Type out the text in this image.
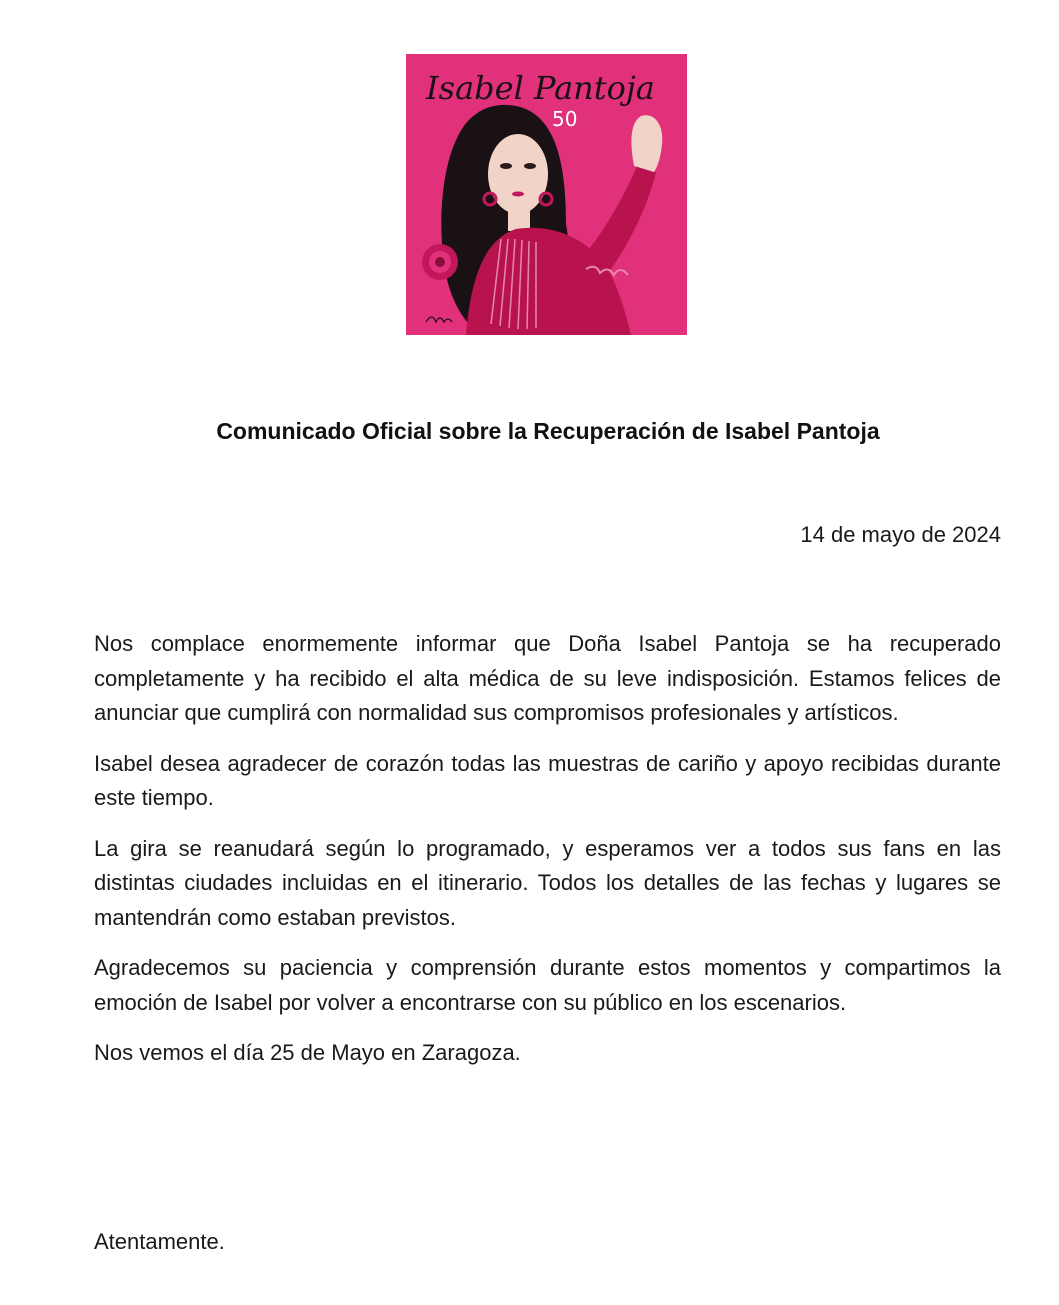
Isabel Pantoja
50
Comunicado Oficial sobre la Recuperación de Isabel Pantoja
14 de mayo de 2024

Nos complace enormemente informar que Doña Isabel Pantoja se ha recuperado completamente y ha recibido el alta médica de su leve indisposición. Estamos felices de anunciar que cumplirá con normalidad sus compromisos profesionales y artísticos.

Isabel desea agradecer de corazón todas las muestras de cariño y apoyo recibidas durante este tiempo.

La gira se reanudará según lo programado, y esperamos ver a todos sus fans en las distintas ciudades incluidas en el itinerario. Todos los detalles de las fechas y lugares se mantendrán como estaban previstos.

Agradecemos su paciencia y comprensión durante estos momentos y compartimos la emoción de Isabel por volver a encontrarse con su público en los escenarios.

Nos vemos el día 25 de Mayo en Zaragoza.

Atentamente.
